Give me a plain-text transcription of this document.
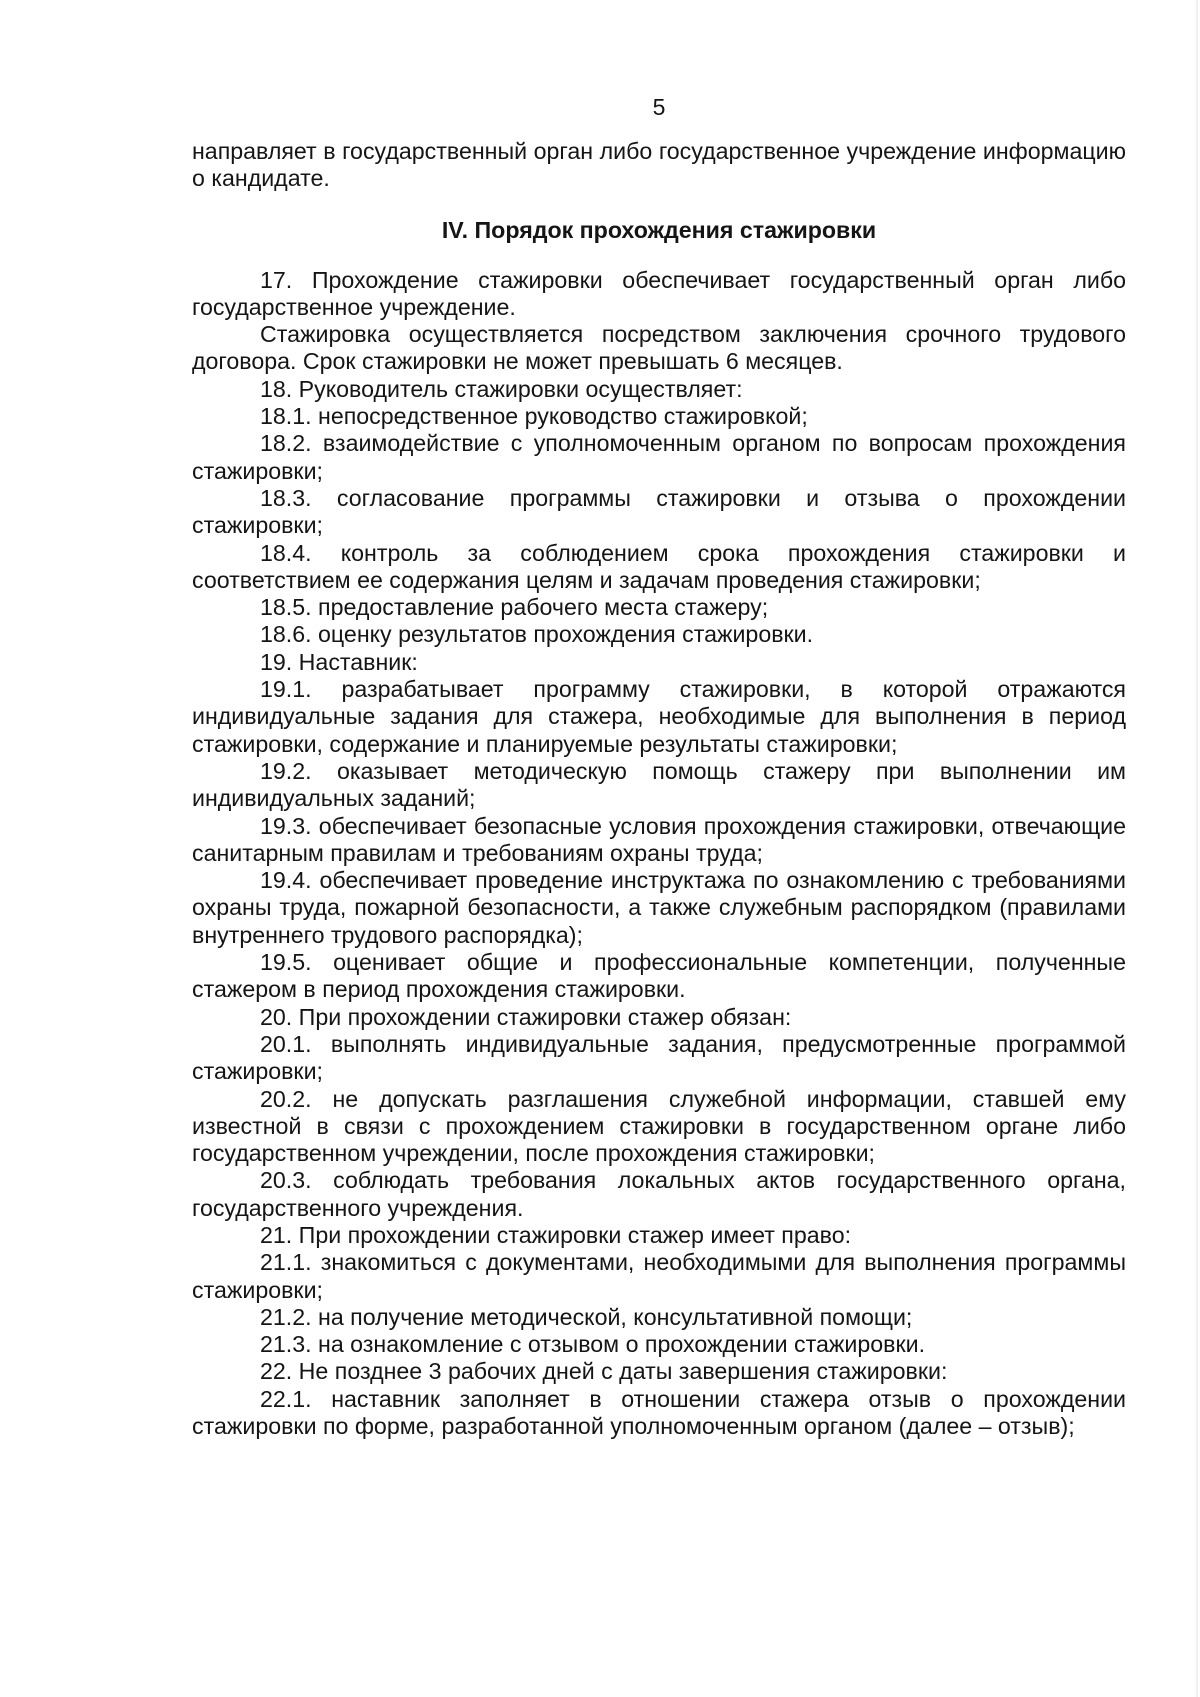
5

направляет в государственный орган либо государственное учреждение информацию о кандидате.

IV. Порядок прохождения стажировки

17. Прохождение стажировки обеспечивает государственный орган либо государственное учреждение.

Стажировка осуществляется посредством заключения срочного трудового договора. Срок стажировки не может превышать 6 месяцев.

18. Руководитель стажировки осуществляет:

18.1. непосредственное руководство стажировкой;

18.2. взаимодействие с уполномоченным органом по вопросам прохождения стажировки;

18.3. согласование программы стажировки и отзыва о прохождении стажировки;

18.4. контроль за соблюдением срока прохождения стажировки и соответствием ее содержания целям и задачам проведения стажировки;

18.5. предоставление рабочего места стажеру;

18.6. оценку результатов прохождения стажировки.

19. Наставник:

19.1. разрабатывает программу стажировки, в которой отражаются индивидуальные задания для стажера, необходимые для выполнения в период стажировки, содержание и планируемые результаты стажировки;

19.2. оказывает методическую помощь стажеру при выполнении им индивидуальных заданий;

19.3. обеспечивает безопасные условия прохождения стажировки, отвечающие санитарным правилам и требованиям охраны труда;

19.4. обеспечивает проведение инструктажа по ознакомлению с требованиями охраны труда, пожарной безопасности, а также служебным распорядком (правилами внутреннего трудового распорядка);

19.5. оценивает общие и профессиональные компетенции, полученные стажером в период прохождения стажировки.

20. При прохождении стажировки стажер обязан:

20.1. выполнять индивидуальные задания, предусмотренные программой стажировки;

20.2. не допускать разглашения служебной информации, ставшей ему известной в связи с прохождением стажировки в государственном органе либо государственном учреждении, после прохождения стажировки;

20.3. соблюдать требования локальных актов государственного органа, государственного учреждения.

21. При прохождении стажировки стажер имеет право:

21.1. знакомиться с документами, необходимыми для выполнения программы стажировки;

21.2. на получение методической, консультативной помощи;

21.3. на ознакомление с отзывом о прохождении стажировки.

22. Не позднее 3 рабочих дней с даты завершения стажировки:

22.1. наставник заполняет в отношении стажера отзыв о прохождении стажировки по форме, разработанной уполномоченным органом (далее – отзыв);
